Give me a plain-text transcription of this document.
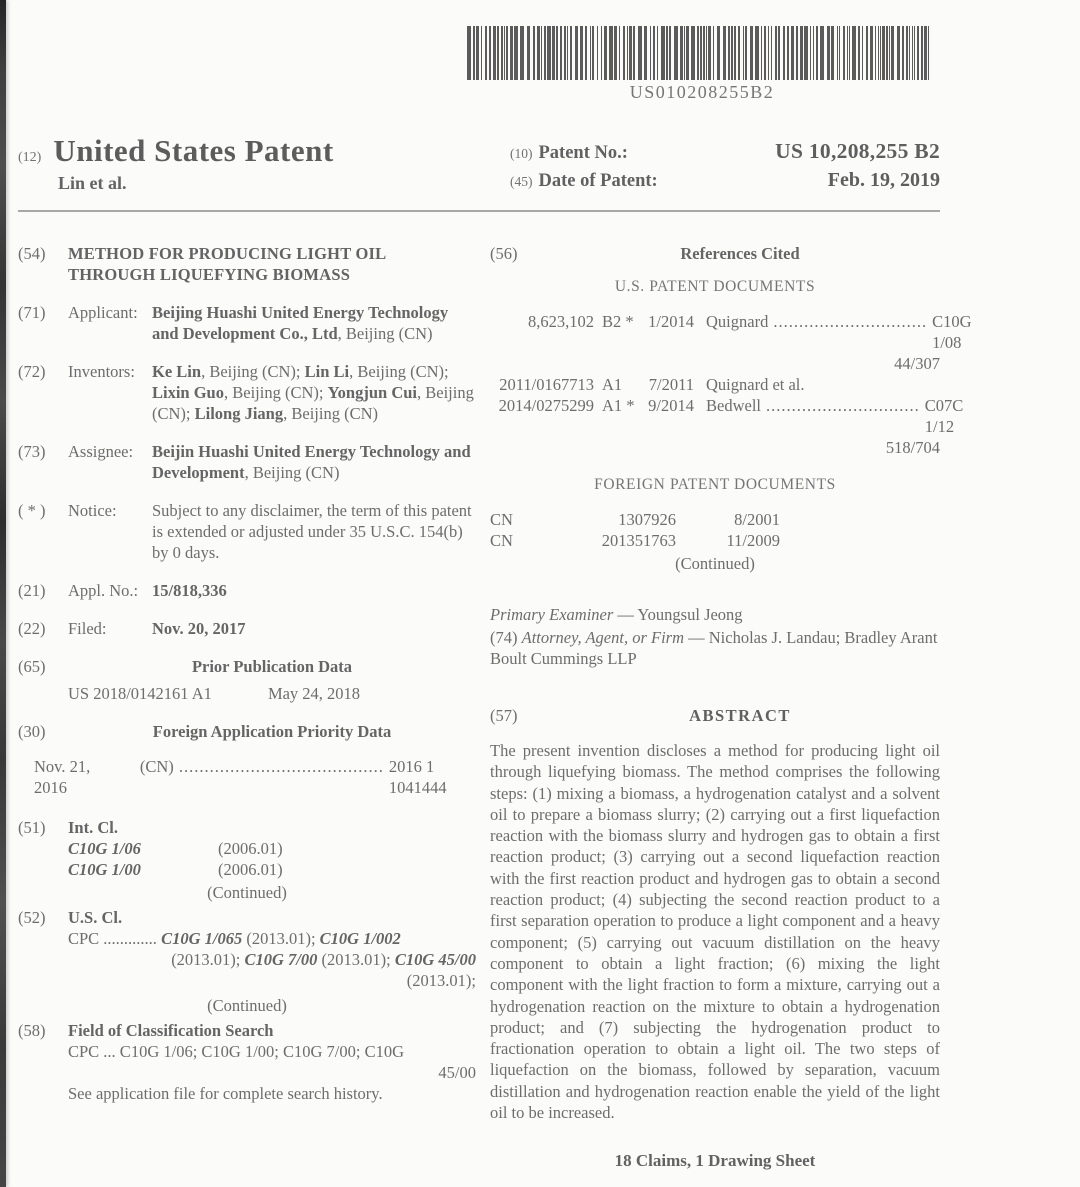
US010208255B2
(12) United States Patent
Lin et al.
(10) Patent No.:	US 10,208,255 B2
(45) Date of Patent:	Feb. 19, 2019
(54)	METHOD FOR PRODUCING LIGHT OIL THROUGH LIQUEFYING BIOMASS
(71)	Applicant: Beijing Huashi United Energy Technology and Development Co., Ltd, Beijing (CN)
(72)	Inventors:	Ke Lin, Beijing (CN); Lin Li, Beijing (CN); Lixin Guo, Beijing (CN); Yongjun Cui, Beijing (CN); Lilong Jiang, Beijing (CN)
(73)	Assignee:	Beijin Huashi United Energy Technology and Development, Beijing (CN)
( * )	Notice:	Subject to any disclaimer, the term of this patent is extended or adjusted under 35 U.S.C. 154(b) by 0 days.
(21)	Appl. No.: 15/818,336
(22)	Filed:	Nov. 20, 2017
(65)	Prior Publication Data
US 2018/0142161 A1	May 24, 2018
(30)	Foreign Application Priority Data
Nov. 21, 2016
(CN) ........................................ 2016 1 1041444
(51)	Int. Cl.
C10G 1/06	(2006.01)
C10G 1/00	(2006.01)
(Continued)
(52)	U.S. Cl.
CPC ............. C10G 1/065 (2013.01); C10G 1/002
(2013.01); C10G 7/00 (2013.01); C10G 45/00
(2013.01);
(Continued)
(58)	Field of Classification Search
CPC ... C10G 1/06; C10G 1/00; C10G 7/00; C10G
45/00
See application file for complete search history.
(56)	References Cited
U.S. PATENT DOCUMENTS
8,623,102 B2 * 1/2014 Quignard .............................. C10G 1/08
44/307
2011/0167713 A1	7/2011 Quignard et al.
2014/0275299 A1 * 9/2014 Bedwell .............................. C07C 1/12
518/704
FOREIGN PATENT DOCUMENTS
CN	1307926	8/2001
CN	201351763	11/2009
(Continued)
Primary Examiner — Youngsul Jeong
(74) Attorney, Agent, or Firm — Nicholas J. Landau; Bradley Arant Boult Cummings LLP
(57)	ABSTRACT

The present invention discloses a method for producing light oil through liquefying biomass. The method comprises the following steps: (1) mixing a biomass, a hydrogenation catalyst and a solvent oil to prepare a biomass slurry; (2) carrying out a first liquefaction reaction with the biomass slurry and hydrogen gas to obtain a first reaction product; (3) carrying out a second liquefaction reaction with the first reaction product and hydrogen gas to obtain a second reaction product; (4) subjecting the second reaction product to a first separation operation to produce a light component and a heavy component; (5) carrying out vacuum distillation on the heavy component to obtain a light fraction; (6) mixing the light component with the light fraction to form a mixture, carrying out a hydrogenation reaction on the mixture to obtain a hydrogenation product; and (7) subjecting the hydrogenation product to fractionation operation to obtain a light oil. The two steps of liquefaction on the biomass, followed by separation, vacuum distillation and hydrogenation reaction enable the yield of the light oil to be increased.

18 Claims, 1 Drawing Sheet
